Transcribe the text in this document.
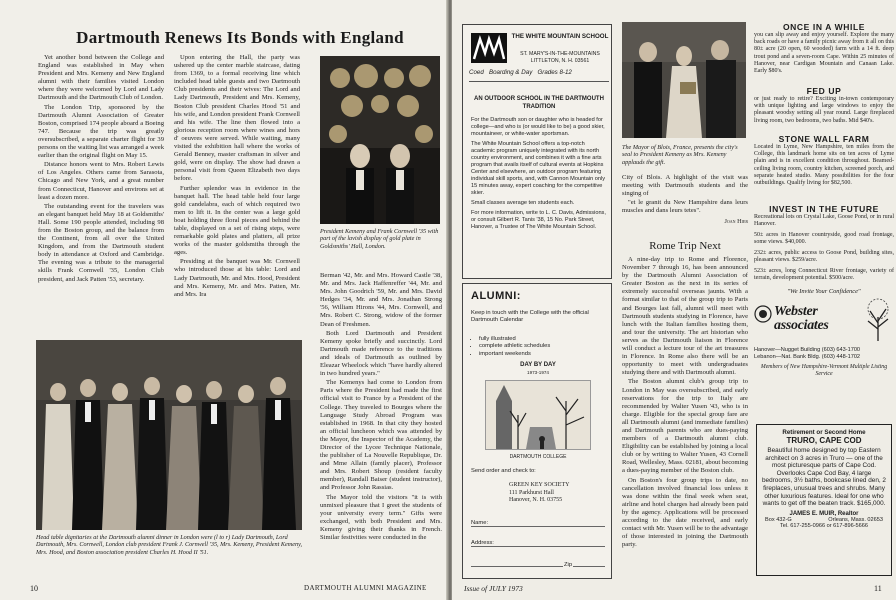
Dartmouth Renews Its Bonds with England

Yet another bond between the College and England was established in May when President and Mrs. Kemeny and New England alumni with their families visited London where they were welcomed by Lord and Lady Dartmouth and the Dartmouth Club of London.

The London Trip, sponsored by the Dartmouth Alumni Association of Greater Boston, comprised 174 people aboard a Boeing 747. Because the trip was greatly oversubscribed, a separate charter flight for 39 persons on the waiting list was arranged a week earlier than the original flight on May 15.

Distance honors went to Mrs. Robert Lewis of Los Angeles. Others came from Sarasota, Chicago and New York, and a great number from Connecticut, Hanover and environs set at least a dozen more.

The outstanding event for the travelers was an elegant banquet held May 18 at Goldsmiths' Hall. Some 190 people attended, including 98 from the Boston group, and the balance from the Continent, from all over the United Kingdom, and from the Dartmouth student body in attendance at Oxford and Cambridge. The evening was a tribute to the managerial skills Frank Cornwell '35, London Club president, and Jack Patten '53, secretary.

Upon entering the Hall, the party was ushered up the center marble staircase, dating from 1369, to a formal receiving line which included head table guests and two Dartmouth Club presidents and their wives: The Lord and Lady Dartmouth, President and Mrs. Kemeny, Boston Club president Charles Hood '51 and his wife, and London president Frank Cornwell and his wife. The line then flowed into a glorious reception room where wines and hors d' oeuvres were served. While waiting, many visited the exhibition hall where the works of Gerald Benney, master craftsman in silver and gold, were on display. The show had drawn a personal visit from Queen Elizabeth two days before.

Further splendor was in evidence in the banquet hall. The head table held four large gold candelabra, each of which required two men to lift it. In the center was a large gold boat holding three floral pieces and behind the table, displayed on a set of rising steps, were remarkable gold plates and platters, all prize works of the master goldsmiths through the ages.

Presiding at the banquet was Mr. Cornwell who introduced those at his table: Lord and Lady Dartmouth, Mr. and Mrs. Hood, President and Mrs. Kemeny, Mr. and Mrs. Patten, Mr. and Mrs. Ira

President Kemeny and Frank Cornwell '35 with part of the lavish display of gold plate in Goldsmiths' Hall, London.

Berman '42, Mr. and Mrs. Howard Castle '38, Mr. and Mrs. Jack Haffenreffer '44, Mr. and Mrs. John Goodrich '59, Mr. and Mrs. David Hedges '34, Mr. and Mrs. Jonathan Strong '56, William Hirons '44, Mrs. Cornwell, and Mrs. Robert C. Strong, widow of the former Dean of Freshmen.

Both Lord Dartmouth and President Kemeny spoke briefly and succinctly. Lord Dartmouth made reference to the traditions and ideals of Dartmouth as outlined by Eleazar Wheelock which "have hardly altered in two hundred years."

The Kemenys had come to London from Paris where the President had made the first official visit to France by a President of the College. They traveled to Bourges where the Language Study Abroad Program was established in 1968. In that city they hosted an official luncheon which was attended by the Mayor, the Inspector of the Academy, the Director of the Lycee Technique Nationale, the publisher of La Nouvelle Republique, Dr. and Mme Allain (family placer), Professor and Mrs. Robert Shoup (resident faculty member), Randall Baiser (student instructor), and Professor John Rassias.

The Mayor told the visitors "it is with unmixed pleasure that I greet the students of your university every term." Gifts were exchanged, with both President and Mrs. Kemeny giving their thanks in French. Similar festivities were conducted in the

Head table dignitaries at the Dartmouth alumni dinner in London were (l to r) Lady Dartmouth, Lord Dartmouth, Mrs. Cornwell, London club president Frank J. Cornwell '35, Mrs. Kemeny, President Kemeny, Mrs. Hood, and Boston association president Charles H. Hood II '51.
10	DARTMOUTH ALUMNI MAGAZINE
THE WHITE MOUNTAIN SCHOOL
ST. MARY'S-IN-THE-MOUNTAINS LITTLETON, N. H. 03561
Coed   Boarding & Day   Grades 8-12
AN OUTDOOR SCHOOL IN THE DARTMOUTH TRADITION

For the Dartmouth son or daughter who is headed for college—and who is (or would like to be) a good skier, mountaineer, or white-water sportsman.

The White Mountain School offers a top-notch academic program uniquely integrated with its north country environment, and combines it with a fine arts program that avails itself of cultural events at Hopkins Center and elsewhere, an outdoor program featuring individual skill sports, and, with Cannon Mountain only 15 minutes away, expert coaching for the competitive skier.

Small classes average ten students each.

For more information, write to L. C. Davis, Admissions, or consult Gilbert R. Tanis '38, 15 No. Park Street, Hanover, a Trustee of The White Mountain School.

ALUMNI:
Keep in touch with the College with the official Dartmouth Calendar
• fully illustrated
• complete athletic schedules
• important weekends
DAY BY DAY
1973-1974
DARTMOUTH COLLEGE
Send order and check to:
GREEN KEY SOCIETY
111 Parkhurst Hall
Hanover, N. H. 03755
Name:
Address:
Zip
The Mayor of Blois, France, presents the city's seal to President Kemeny as Mrs. Kemeny applauds the gift.

City of Blois. A highlight of the visit was meeting with Dartmouth students and the singing of

"et le granit du New Hampshire dans leurs muscles and dans leurs tetes".

Joan Hier
Rome Trip Next

A nine-day trip to Rome and Florence, November 7 through 16, has been announced by the Dartmouth Alumni Association of Greater Boston as the next in its series of extremely successful overseas jaunts. With a format similar to that of the group trip to Paris and Bourges last fall, alumni will meet with Dartmouth students studying in Florence, have lunch with the Italian families hosting them, and tour the university. The art historian who serves as the Dartmouth liaison in Florence will conduct a lecture tour of the art treasures in Florence. In Rome also there will be an opportunity to meet with undergraduates studying there and with Dartmouth alumni.

The Boston alumni club's group trip to London in May was oversubscribed, and early reservations for the trip to Italy are recommended by Walter Yusen '43, who is in charge. Eligible for the special group fare are all Dartmouth alumni (and immediate families) and Dartmouth parents who are dues-paying members of a Dartmouth alumni club. Eligibility can be established by joining a local club or by writing to Walter Yusen, 43 Cornell Road, Wellesley, Mass. 02181, about becoming a dues-paying member of the Boston club.

On Boston's four group trips to date, no cancellation involved financial loss unless it was done within the final week when seat, airline and hotel charges had already been paid by the agency. Applications will be processed according to the date received, and early contact with Mr. Yusen will be to the advantage of those interested in joining the Dartmouth party.

ONCE IN A WHILE
you can slip away and enjoy yourself. Explore the many back roads or have a family picnic away from it all on this 80± acre (20 open, 60 wooded) farm with a 14 ft. deep trout pond and a seven-room Cape. Within 25 minutes of Hanover, near Cardigan Mountain and Canaan Lake. Early $80's.
FED UP
or just ready to retire? Exciting in-town contemporary with unique lighting and large windows to enjoy the pleasant woodsy setting all year round. Large fireplaced living room, two bedrooms, two baths. Mid $40's.
STONE WALL FARM
Located in Lyme, New Hampshire, ten miles from the College, this landmark home sits on ten acres of Lyme plain and is in excellent condition throughout. Beamed-ceiling living room, country kitchen, screened porch, and separate heated studio. Many possibilities for the four outbuildings. Qualify living for $82,500.
INVEST IN THE FUTURE
Recreational lots on Crystal Lake, Goose Pond, or in rural Hanover.
50± acres in Hanover countryside, good road frontage, some views. $40,000.
232± acres, public access to Goose Pond, building sites, pleasant views. $259/acre.
523± acres, long Connecticut River frontage, variety of terrain, development potential. $500/acre.
"We Invite Your Confidence"
Webster associates
Hanover—Nugget Building (603) 643-1700
Lebanon—Nat. Bank Bldg. (603) 448-1702
Members of New Hampshire-Vermont Multiple Listing Service
Retirement or Second Home
TRURO, CAPE COD
Beautiful home designed by top Eastern architect on 3 acres in Truro — one of the most picturesque parts of Cape Cod. Overlooks Cape Cod Bay, 4 large bedrooms, 3½ baths, bookcase lined den, 2 fireplaces, unusual trees and shrubs. Many other luxurious features. Ideal for one who wants to get off the beaten track. $165,000.
JAMES E. MUIR, Realtor
Box 432-G	Orleans, Mass. 02653
Tel. 617-255-0966 or 617-896-5666
Issue of JULY 1973	11
